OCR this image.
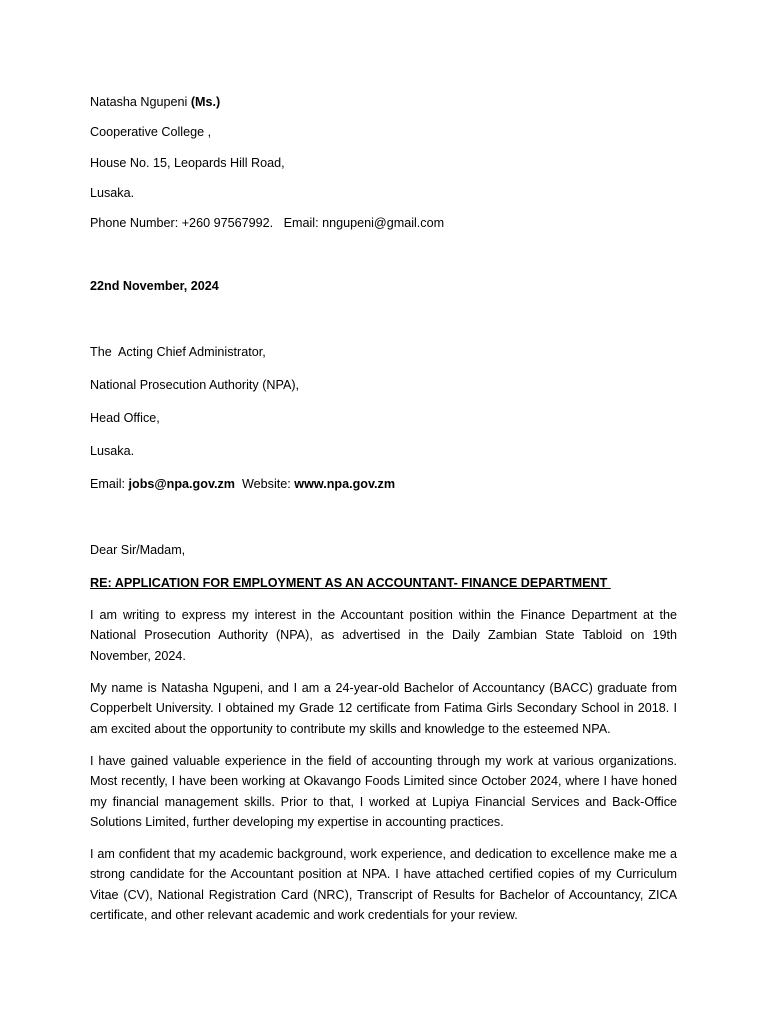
Natasha Ngupeni (Ms.)

Cooperative College ,

House No. 15, Leopards Hill Road,

Lusaka.

Phone Number: +260 97567992.   Email: nngupeni@gmail.com

22nd November, 2024

The  Acting Chief Administrator,

National Prosecution Authority (NPA),

Head Office,

Lusaka.

Email: jobs@npa.gov.zm  Website: www.npa.gov.zm

Dear Sir/Madam,

RE: APPLICATION FOR EMPLOYMENT AS AN ACCOUNTANT- FINANCE DEPARTMENT

I am writing to express my interest in the Accountant position within the Finance Department at the National Prosecution Authority (NPA), as advertised in the Daily Zambian State Tabloid on 19th November, 2024.

My name is Natasha Ngupeni, and I am a 24-year-old Bachelor of Accountancy (BACC) graduate from Copperbelt University. I obtained my Grade 12 certificate from Fatima Girls Secondary School in 2018. I am excited about the opportunity to contribute my skills and knowledge to the esteemed NPA.

I have gained valuable experience in the field of accounting through my work at various organizations. Most recently, I have been working at Okavango Foods Limited since October 2024, where I have honed my financial management skills. Prior to that, I worked at Lupiya Financial Services and Back-Office Solutions Limited, further developing my expertise in accounting practices.

I am confident that my academic background, work experience, and dedication to excellence make me a strong candidate for the Accountant position at NPA. I have attached certified copies of my Curriculum Vitae (CV), National Registration Card (NRC), Transcript of Results for Bachelor of Accountancy, ZICA certificate, and other relevant academic and work credentials for your review.
